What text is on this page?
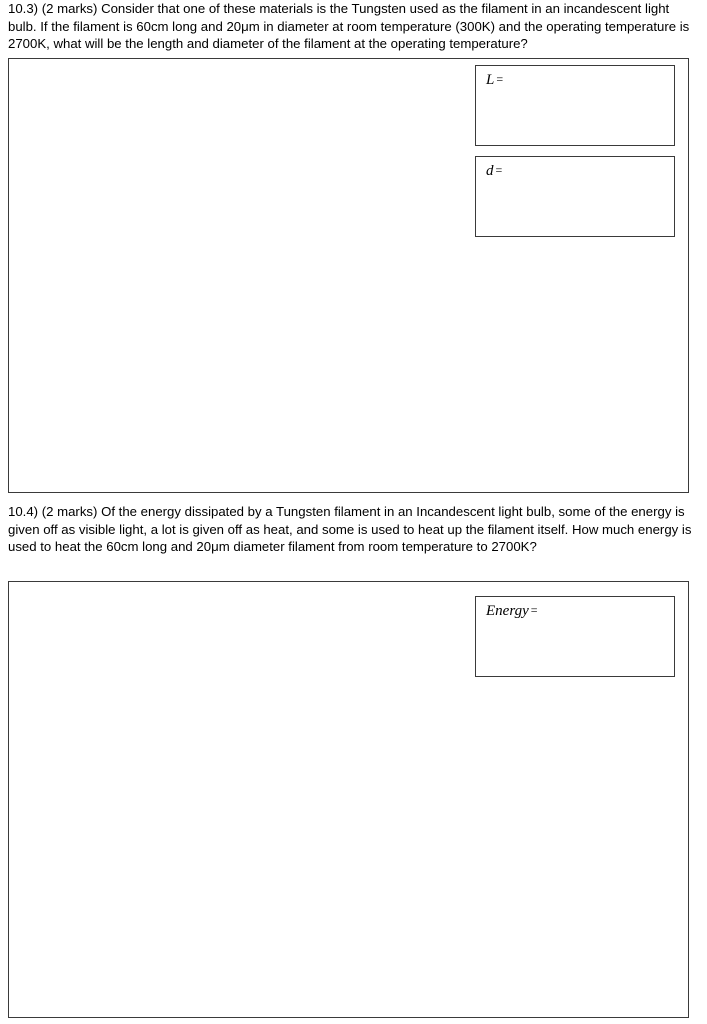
10.3) (2 marks) Consider that one of these materials is the Tungsten used as the filament in an incandescent light bulb. If the filament is 60cm long and 20μm in diameter at room temperature (300K) and the operating temperature is 2700K, what will be the length and diameter of the filament at the operating temperature?

L =
d =

10.4) (2 marks) Of the energy dissipated by a Tungsten filament in an Incandescent light bulb, some of the energy is given off as visible light, a lot is given off as heat, and some is used to heat up the filament itself. How much energy is used to heat the 60cm long and 20μm diameter filament from room temperature to 2700K?

Energy =
